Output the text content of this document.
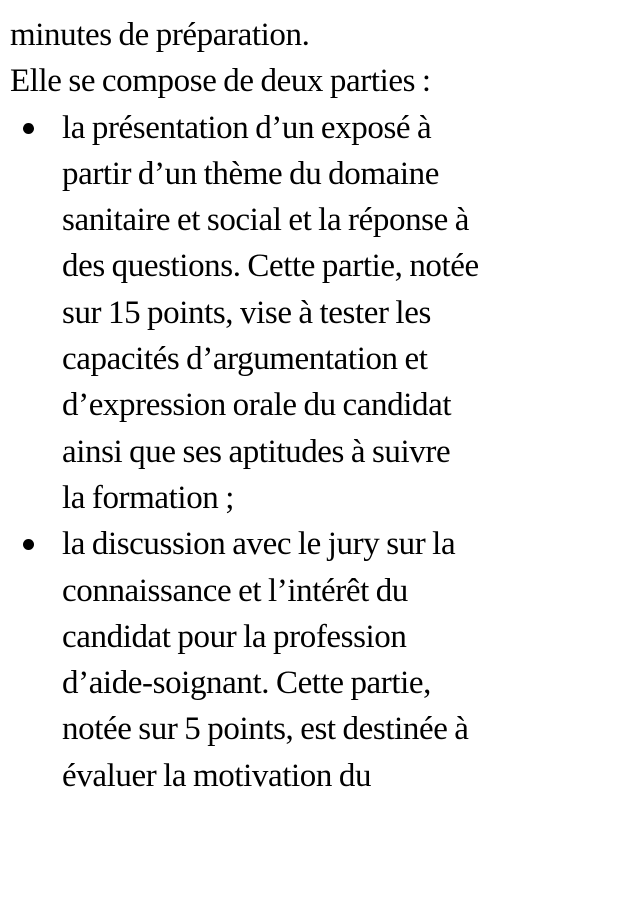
minutes de préparation.
Elle se compose de deux parties :

la présentation d’un exposé à
partir d’un thème du domaine
sanitaire et social et la réponse à
des questions. Cette partie, notée
sur 15 points, vise à tester les
capacités d’argumentation et
d’expression orale du candidat
ainsi que ses aptitudes à suivre
la formation ;
la discussion avec le jury sur la
connaissance et l’intérêt du
candidat pour la profession
d’aide-soignant. Cette partie,
notée sur 5 points, est destinée à
évaluer la motivation du
